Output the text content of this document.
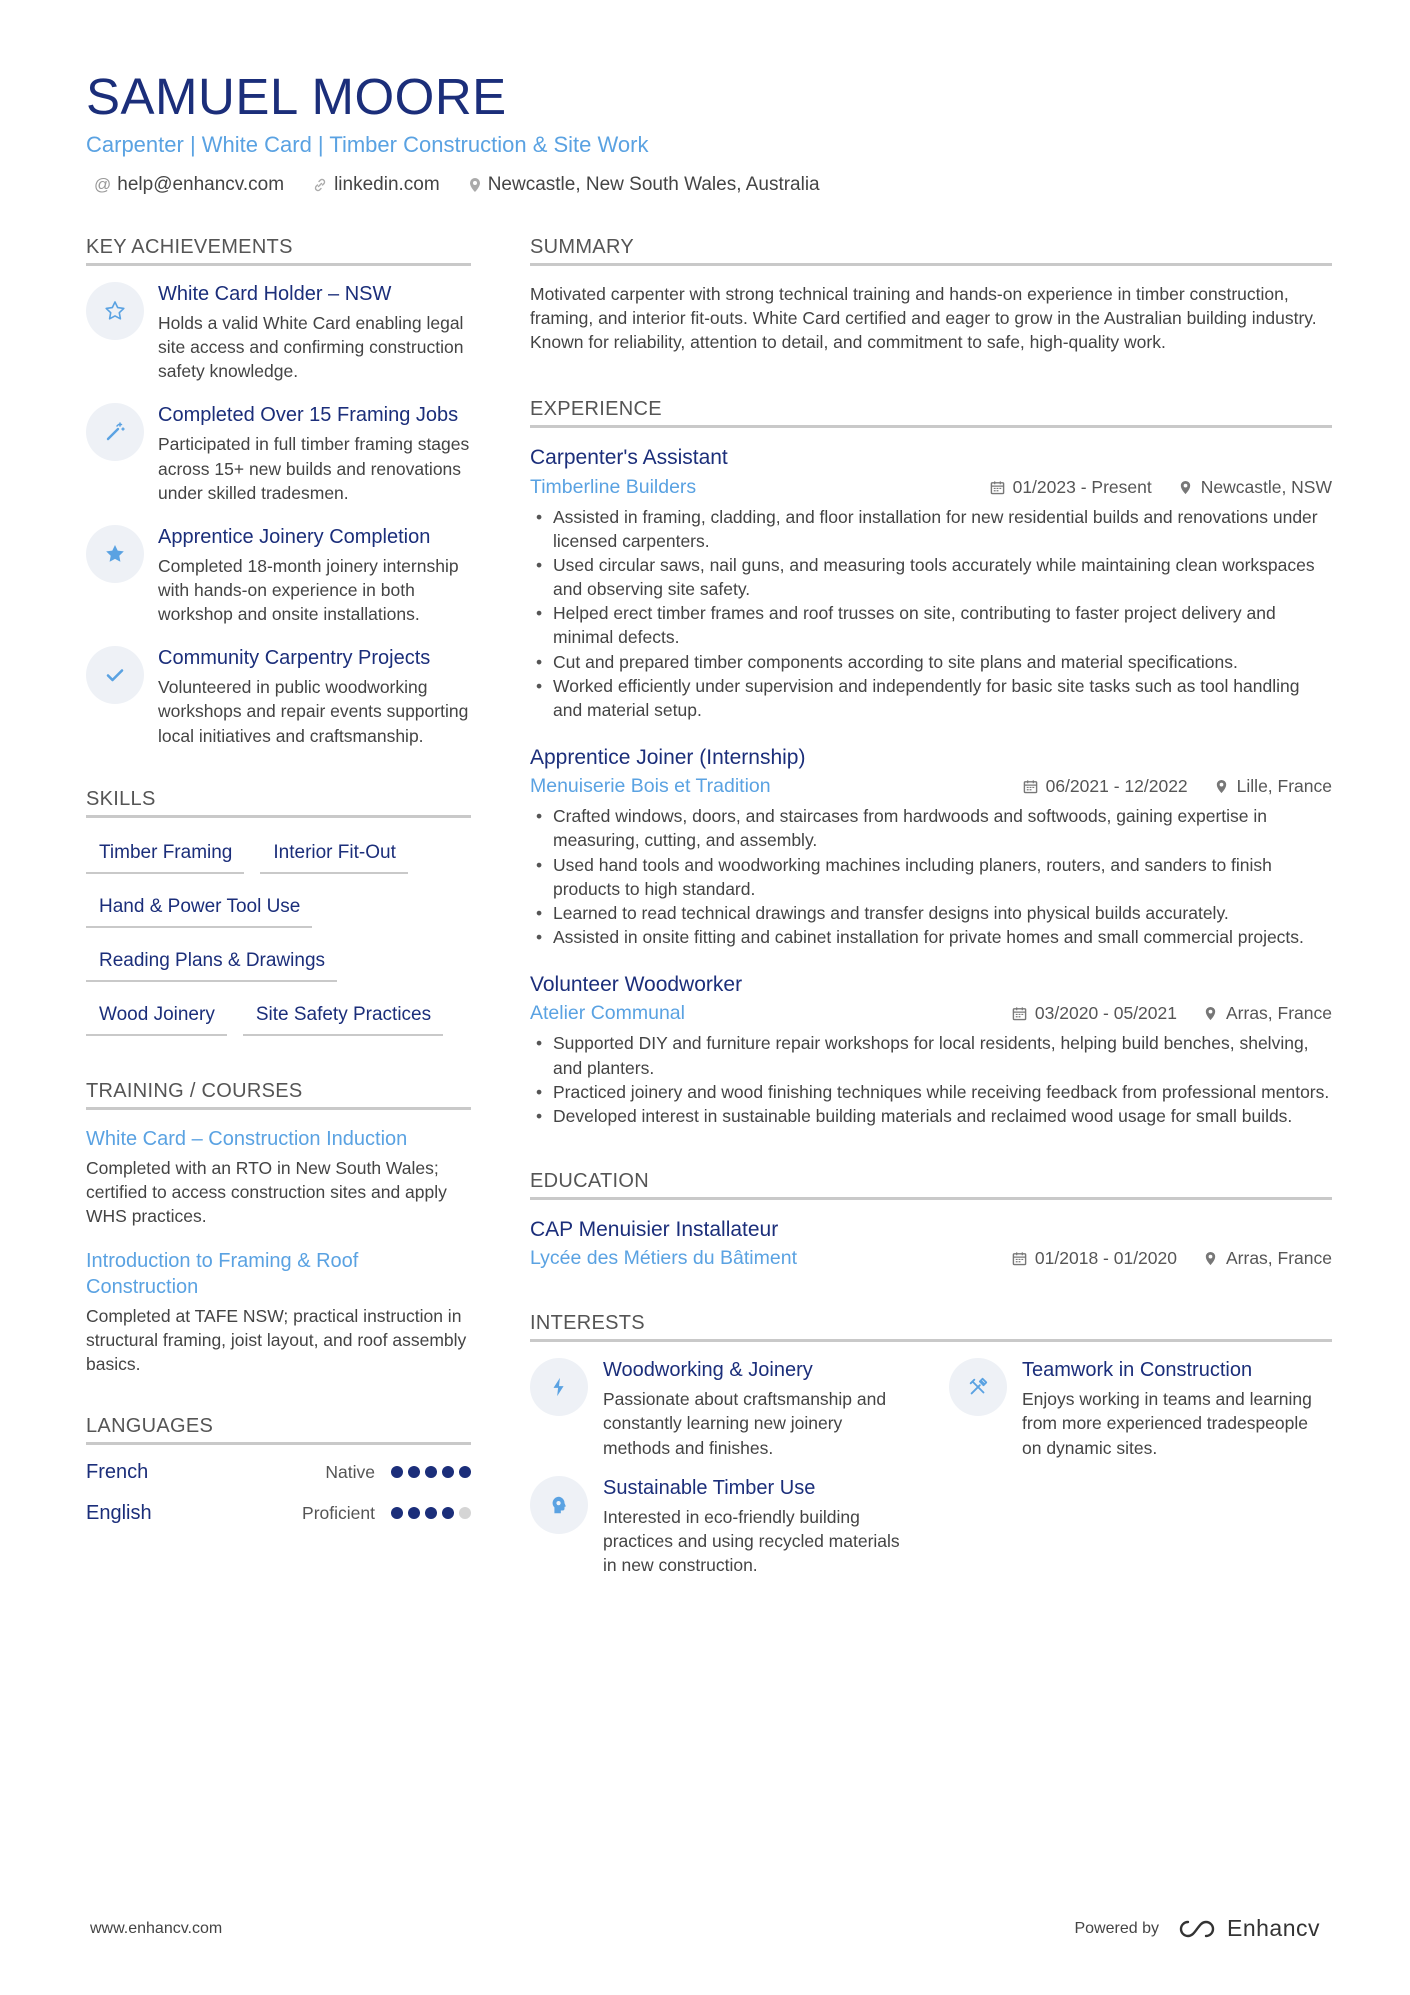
SAMUEL MOORE
Carpenter | White Card | Timber Construction & Site Work
@ help@enhancv.com	linkedin.com	Newcastle, New South Wales, Australia
KEY ACHIEVEMENTS
White Card Holder – NSW
Holds a valid White Card enabling legal site access and confirming construction safety knowledge.
Completed Over 15 Framing Jobs
Participated in full timber framing stages across 15+ new builds and renovations under skilled tradesmen.
Apprentice Joinery Completion
Completed 18-month joinery internship with hands-on experience in both workshop and onsite installations.
Community Carpentry Projects
Volunteered in public woodworking workshops and repair events supporting local initiatives and craftsmanship.
SKILLS
Timber Framing	Interior Fit-Out
Hand & Power Tool Use
Reading Plans & Drawings
Wood Joinery	Site Safety Practices
TRAINING / COURSES
White Card – Construction Induction
Completed with an RTO in New South Wales; certified to access construction sites and apply WHS practices.
Introduction to Framing & Roof Construction
Completed at TAFE NSW; practical instruction in structural framing, joist layout, and roof assembly basics.
LANGUAGES
French	Native
English	Proficient
SUMMARY
Motivated carpenter with strong technical training and hands-on experience in timber construction, framing, and interior fit-outs. White Card certified and eager to grow in the Australian building industry. Known for reliability, attention to detail, and commitment to safe, high-quality work.
EXPERIENCE
Carpenter's Assistant
Timberline Builders	01/2023 - Present	Newcastle, NSW
• Assisted in framing, cladding, and floor installation for new residential builds and renovations under licensed carpenters.
• Used circular saws, nail guns, and measuring tools accurately while maintaining clean workspaces and observing site safety.
• Helped erect timber frames and roof trusses on site, contributing to faster project delivery and minimal defects.
• Cut and prepared timber components according to site plans and material specifications.
• Worked efficiently under supervision and independently for basic site tasks such as tool handling and material setup.
Apprentice Joiner (Internship)
Menuiserie Bois et Tradition	06/2021 - 12/2022	Lille, France
• Crafted windows, doors, and staircases from hardwoods and softwoods, gaining expertise in measuring, cutting, and assembly.
• Used hand tools and woodworking machines including planers, routers, and sanders to finish products to high standard.
• Learned to read technical drawings and transfer designs into physical builds accurately.
• Assisted in onsite fitting and cabinet installation for private homes and small commercial projects.
Volunteer Woodworker
Atelier Communal	03/2020 - 05/2021	Arras, France
• Supported DIY and furniture repair workshops for local residents, helping build benches, shelving, and planters.
• Practiced joinery and wood finishing techniques while receiving feedback from professional mentors.
• Developed interest in sustainable building materials and reclaimed wood usage for small builds.
EDUCATION
CAP Menuisier Installateur
Lycée des Métiers du Bâtiment	01/2018 - 01/2020	Arras, France
INTERESTS
Woodworking & Joinery
Passionate about craftsmanship and constantly learning new joinery methods and finishes.
Teamwork in Construction
Enjoys working in teams and learning from more experienced tradespeople on dynamic sites.
Sustainable Timber Use
Interested in eco-friendly building practices and using recycled materials in new construction.
www.enhancv.com	Powered by	Enhancv
